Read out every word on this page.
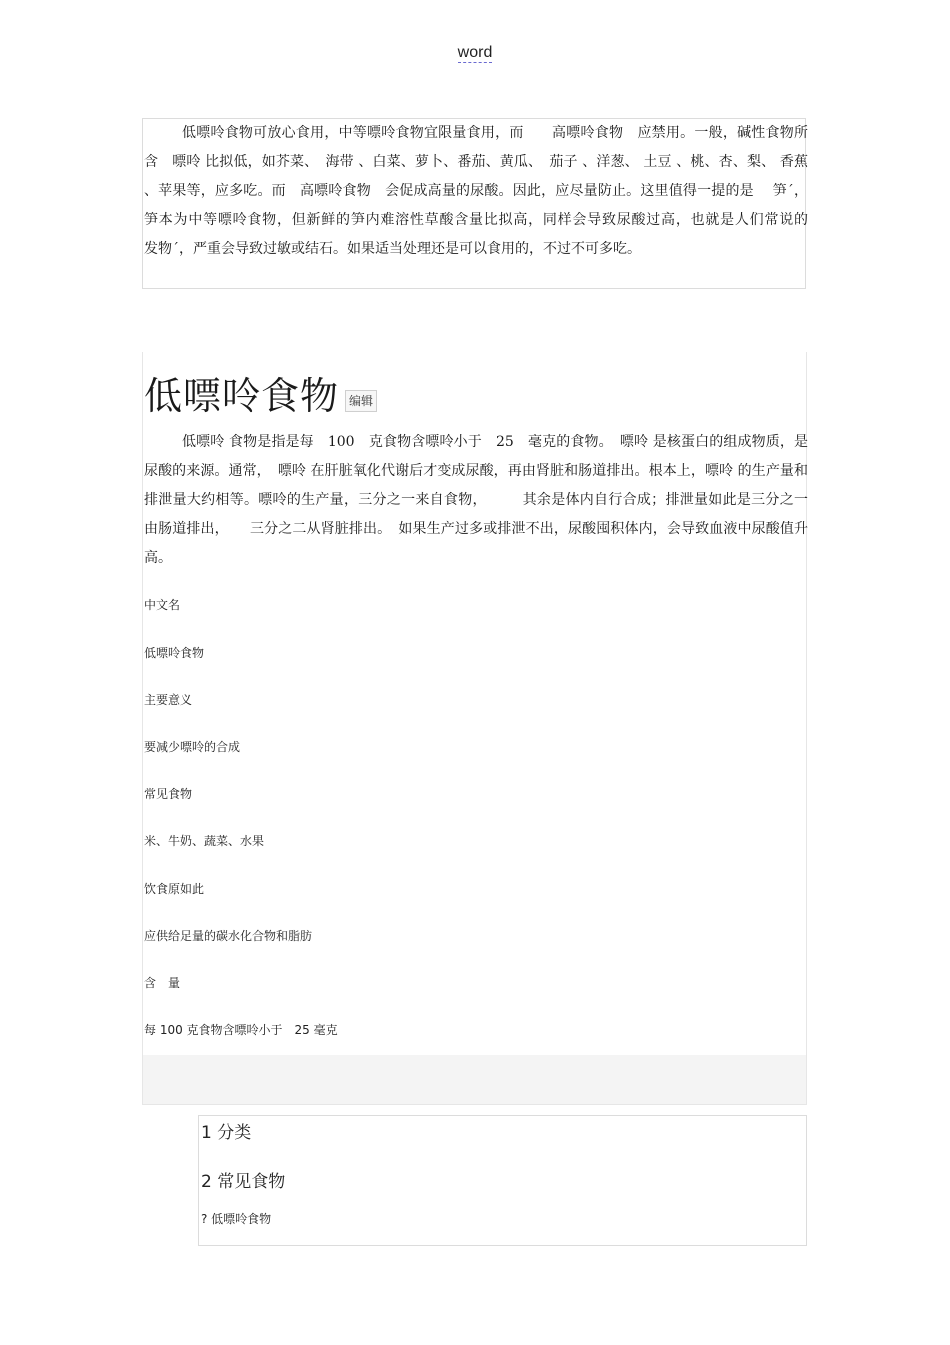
word

低嘌呤食物可放心食用，中等嘌呤食物宜限量食用，而　　高嘌呤食物　应禁用。一般，碱性食物所含　嘌呤 比拟低，如芥菜、　海带 、白菜、萝卜、番茄、黄瓜、　茄子 、洋葱、 土豆 、桃、杏、梨、 香蕉 、苹果等，应多吃。而　高嘌呤食物　会促成高量的尿酸。因此，应尽量防止。这里值得一提的是　 笋ˊ，笋本为中等嘌呤食物，但新鲜的笋内难溶性草酸含量比拟高，同样会导致尿酸过高，也就是人们常说的　　发物ˊ，严重会导致过敏或结石。如果适当处理还是可以食用的，不过不可多吃。

低嘌呤食物 编辑

低嘌呤 食物是指是每　100　克食物含嘌呤小于　25　毫克的食物。　嘌呤 是核蛋白的组成物质，是尿酸的来源。通常，　嘌呤 在肝脏氧化代谢后才变成尿酸，再由肾脏和肠道排出。根本上，嘌呤 的生产量和排泄量大约相等。嘌呤的生产量，三分之一来自食物，　　　其余是体内自行合成；排泄量如此是三分之一由肠道排出，　　三分之二从肾脏排出。　如果生产过多或排泄不出，尿酸囤积体内，会导致血液中尿酸值升高。

中文名
低嘌呤食物
主要意义
要减少嘌呤的合成
常见食物
米、牛奶、蔬菜、水果
饮食原如此
应供给足量的碳水化合物和脂肪
含　量
每 100 克食物含嘌呤小于　25 毫克
1 分类
2 常见食物
? 低嘌呤食物
